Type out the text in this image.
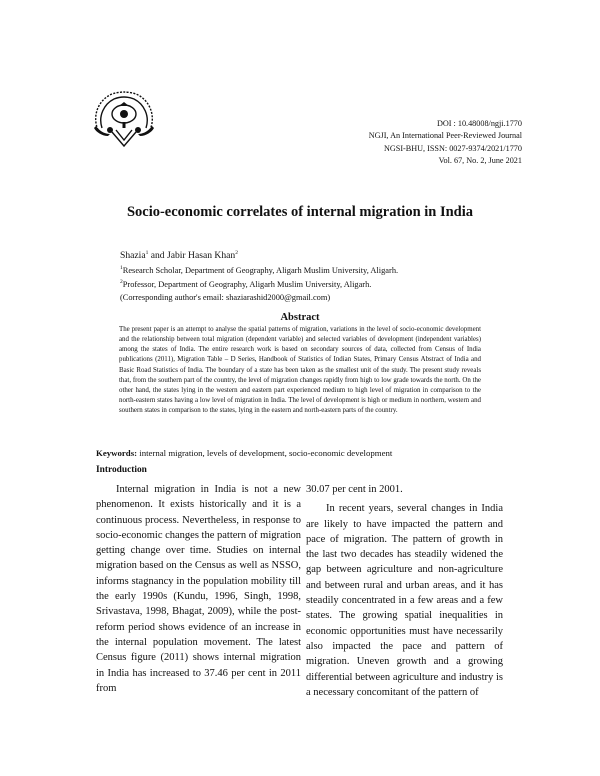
DOI : 10.48008/ngji.1770
NGJI, An International Peer-Reviewed Journal
NGSI-BHU, ISSN: 0027-9374/2021/1770
Vol. 67, No. 2, June 2021
Socio-economic correlates of internal migration in India
Shazia$^1$ and Jabir Hasan Khan$^2$
$^1$Research Scholar, Department of Geography, Aligarh Muslim University, Aligarh.
$^2$Professor, Department of Geography, Aligarh Muslim University, Aligarh.
(Corresponding author's email: shaziarashid2000@gmail.com)
Abstract

The present paper is an attempt to analyse the spatial patterns of migration, variations in the level of socio-economic development and the relationship between total migration (dependent variable) and selected variables of development (independent variables) among the states of India. The entire research work is based on secondary sources of data, collected from Census of India publications (2011), Migration Table – D Series, Handbook of Statistics of Indian States, Primary Census Abstract of India and Basic Road Statistics of India. The boundary of a state has been taken as the smallest unit of the study. The present study reveals that, from the southern part of the country, the level of migration changes rapidly from high to low grade towards the north. On the other hand, the states lying in the western and eastern part experienced medium to high level of migration in comparison to the north-eastern states having a low level of migration in India. The level of development is high or medium in northern, western and southern states in comparison to the states, lying in the eastern and north-eastern parts of the country.

Keywords: internal migration, levels of development, socio-economic development
Introduction

Internal migration in India is not a new phenomenon. It exists historically and it is a continuous process. Nevertheless, in response to socio-economic changes the pattern of migration getting change over time. Studies on internal migration based on the Census as well as NSSO, informs stagnancy in the population mobility till the early 1990s (Kundu, 1996, Singh, 1998, Srivastava, 1998, Bhagat, 2009), while the post-reform period shows evidence of an increase in the internal population movement. The latest Census figure (2011) shows internal migration in India has increased to 37.46 per cent in 2011 from

30.07 per cent in 2001.

In recent years, several changes in India are likely to have impacted the pattern and pace of migration. The pattern of growth in the last two decades has steadily widened the gap between agriculture and non-agriculture and between rural and urban areas, and it has steadily concentrated in a few areas and a few states. The growing spatial inequalities in economic opportunities must have necessarily also impacted the pace and pattern of migration. Uneven growth and a growing differential between agriculture and industry is a necessary concomitant of the pattern of
